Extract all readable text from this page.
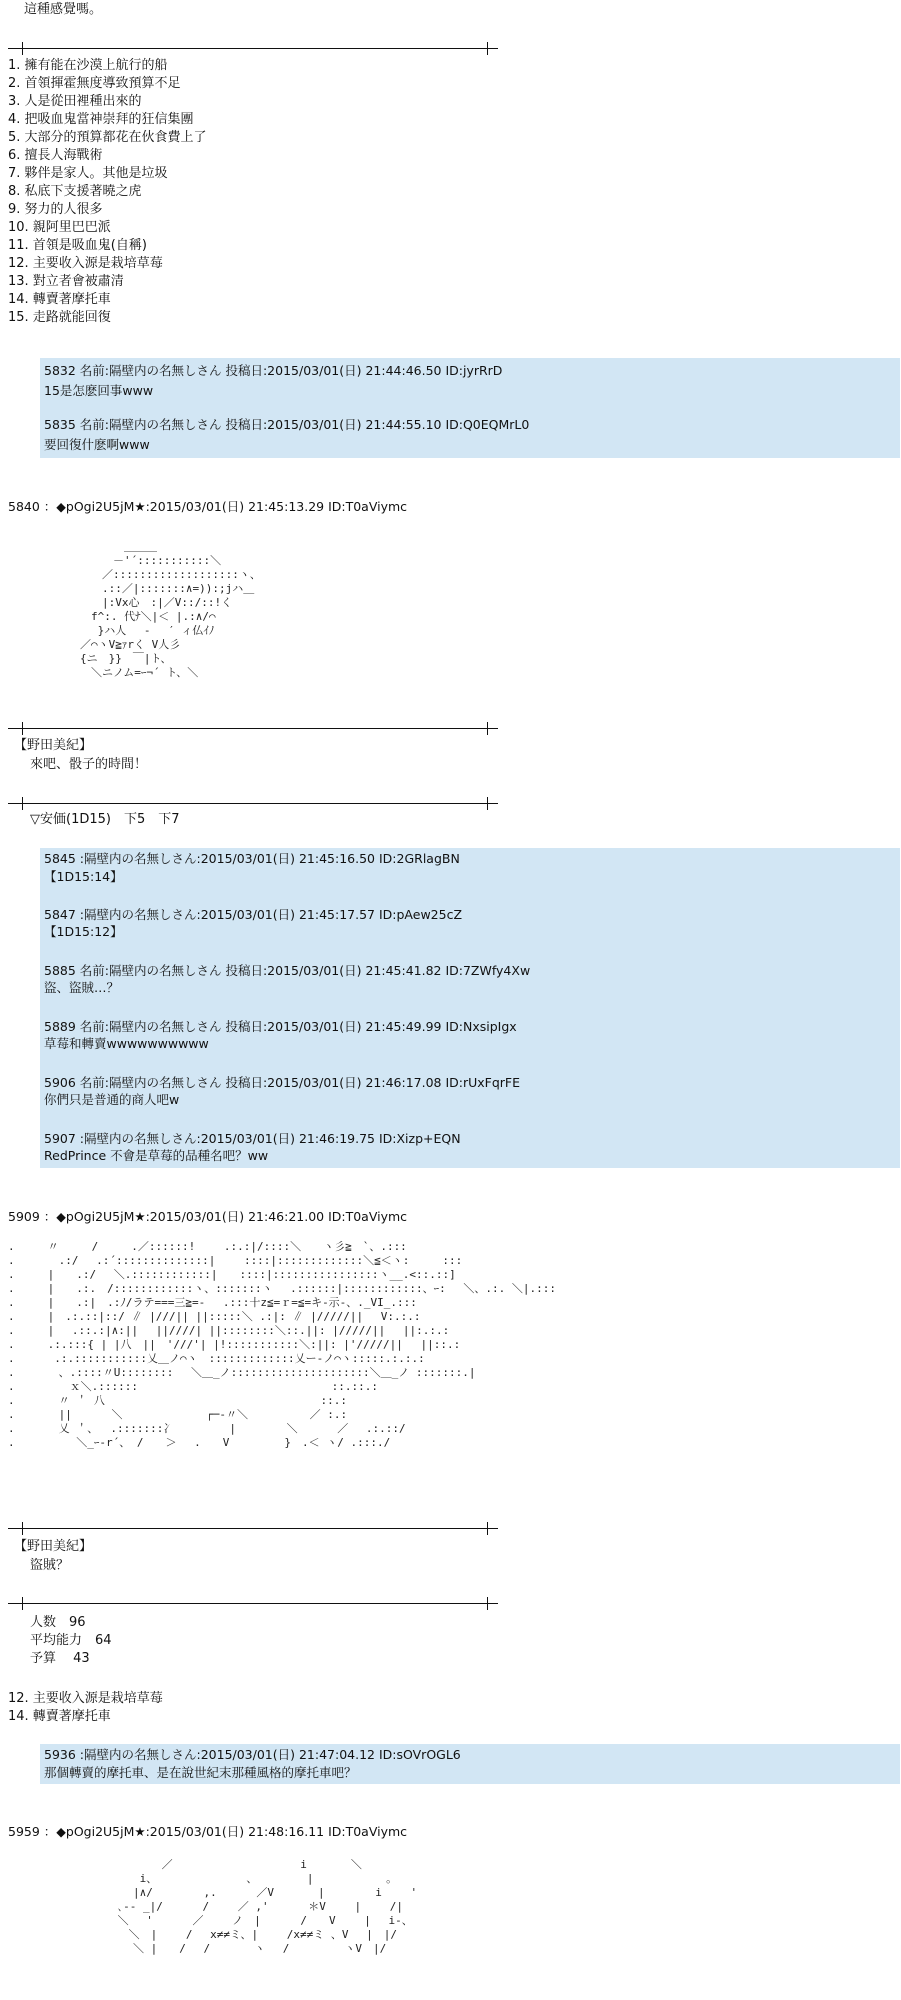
這種感覺嗎。
1. 擁有能在沙漠上航行的船
2. 首領揮霍無度導致預算不足
3. 人是從田裡種出來的
4. 把吸血鬼當神崇拜的狂信集團
5. 大部分的預算都花在伙食費上了
6. 擅長人海戰術
7. 夥伴是家人。其他是垃圾
8. 私底下支援著曉之虎
9. 努力的人很多
10. 親阿里巴巴派
11. 首領是吸血鬼(自稱)
12. 主要收入源是栽培草莓
13. 對立者會被肅清
14. 轉賣著摩托車
15. 走路就能回復
5832 名前:隔壁内の名無しさん 投稿日:2015/03/01(日) 21:44:46.50 ID:jyrRrD
15是怎麽回事www
5835 名前:隔壁内の名無しさん 投稿日:2015/03/01(日) 21:44:55.10 ID:Q0EQMrL0
要回復什麽啊www
5840 ：◆pOgi2U5jM★:2015/03/01(日) 21:45:13.29 ID:T0aViymc
　　　　＿＿＿
　　　－'´:::::::::::＼
　　／:::::::::::::::::::ヽ、
　　.::／|:::::::∧=)):;jハ＿
　　|:Vx心　:|／V::/::!く
　f^:. 代ﾅ＼|＜ |.:∧/⌒
　 }ハ人　 -　 ′ ィ仏ｲﾉ
／⌒ヽV≧ｧrく V人彡
{ニ　}}　￣|ト、
　＼ニノム=ｰ¬´ ト、＼
【野田美紀】
來吧、骰子的時間！
▽安価(1D15)　下5　下7
5845 :隔壁内の名無しさん:2015/03/01(日) 21:45:16.50 ID:2GRlagBN
【1D15:14】
5847 :隔壁内の名無しさん:2015/03/01(日) 21:45:17.57 ID:pAew25cZ
【1D15:12】
5885 名前:隔壁内の名無しさん 投稿日:2015/03/01(日) 21:45:41.82 ID:7ZWfy4Xw
盜、盜賊…？
5889 名前:隔壁内の名無しさん 投稿日:2015/03/01(日) 21:45:49.99 ID:NxsipIgx
草莓和轉賣wwwwwwwwww
5906 名前:隔壁内の名無しさん 投稿日:2015/03/01(日) 21:46:17.08 ID:rUxFqrFE
你們只是普通的商人吧w
5907 :隔壁内の名無しさん:2015/03/01(日) 21:46:19.75 ID:Xizp+EQN
RedPrince 不會是草莓的品種名吧？ww
5909 ：◆pOgi2U5jM★:2015/03/01(日) 21:46:21.00 ID:T0aViymc
.　　　〃　　　/　　　.／::::::!　　 .:.:|/::::＼　　ヽ彡≧　`、.:::
.　　　　.:/　 .:´::::::::::::::|　　 ::::|:::::::::::::＼≦＜ヽ:　　　:::
.　　　|　　.:/　 ＼.::::::::::::|　　::::|::::::::::::::::ヽ__.<::.::]
.　　　|　　.:.　/::::::::::::ヽ、:::::::ヽ　 .::::::|::::::::::::、ｰ:　 ＼、.:. ＼|.:::
.　　　|　　.:|　.:ﾉ/ラテ===三≧=-　 .:::十z≦=ｒ=≦=キ-示‐、._VI_.:::
.　　　|　.:.::|::/ ∥ |///|| ||:::::＼ .:|: ∥ |/////|| 　V:.:.:
.　　　|　 .::.:|∧:|| 　||////| ||::::::::＼::.||: |/////|| 　||:.:.:
.　　　.:.:::{ | |八　||　'///'| |!:::::::::::＼:||: |'/////|| 　||::.:
.　　　 .:.:::::::::::乂＿ノ⌒ヽ　:::::::::::::乂ー‐ノ⌒ヽ:::::.:.:.:
.　　　　、.::::〃U::::::::　 ＼＿_ノ:::::::::::::::::::::＼＿_ノ :::::::.|
.　　　　　ｘ＼.::::::　　　　　　　　　　　　　　　　　 ::.::.:
.　　　　〃 ＇ 八　　　　　　　　　　　　　　　　　　　 ::.:
.　　　　||　　　 ＼　　　　　　　 ┌─‐〃＼　　　　　 ／ :.:
.　　　　乂 ＇、　 .:::::::冫　　　　　|　　　 　＼　　　 ／　 .:.::/
.　　　　　 ＼_ｰ-r´、 /　　＞　 .　　V　　　　　}　.＜ ヽ/ .:::./
【野田美紀】
盜賊？
人数　96
平均能力　64
予算　 43
12. 主要收入源是栽培草莓
14. 轉賣著摩托車
5936 :隔壁内の名無しさん:2015/03/01(日) 21:47:04.12 ID:sOVrOGL6
那個轉賣的摩托車、是在說世紀末那種風格的摩托車吧？
5959 ：◆pOgi2U5jM★:2015/03/01(日) 21:48:16.11 ID:T0aViymc
　　　　　 ／　　　　　　　　　　　 i　　　　＼
　　　 i、　　　　　　　　 、　　　　　|　　　　　　 ｡
　　　|∧/　　　　 ,.　　　 ／V　　　　|　　　　 i　　 '
　 ､-- _|/　　　 /　　 ／ ,'　　　 ＊V　　 |　　 /|
　 ＼　 '　　　 ／ 　　ノ　|　　　 /　　V　　 |　 i-、
　　 ＼　|　　 /　 x≠≠ミ、|　　 /x≠≠ミ 、V　 |　|/
　　　＼ |　　/　 /　　　　ヽ　 /　　　　　ヽV　|/
